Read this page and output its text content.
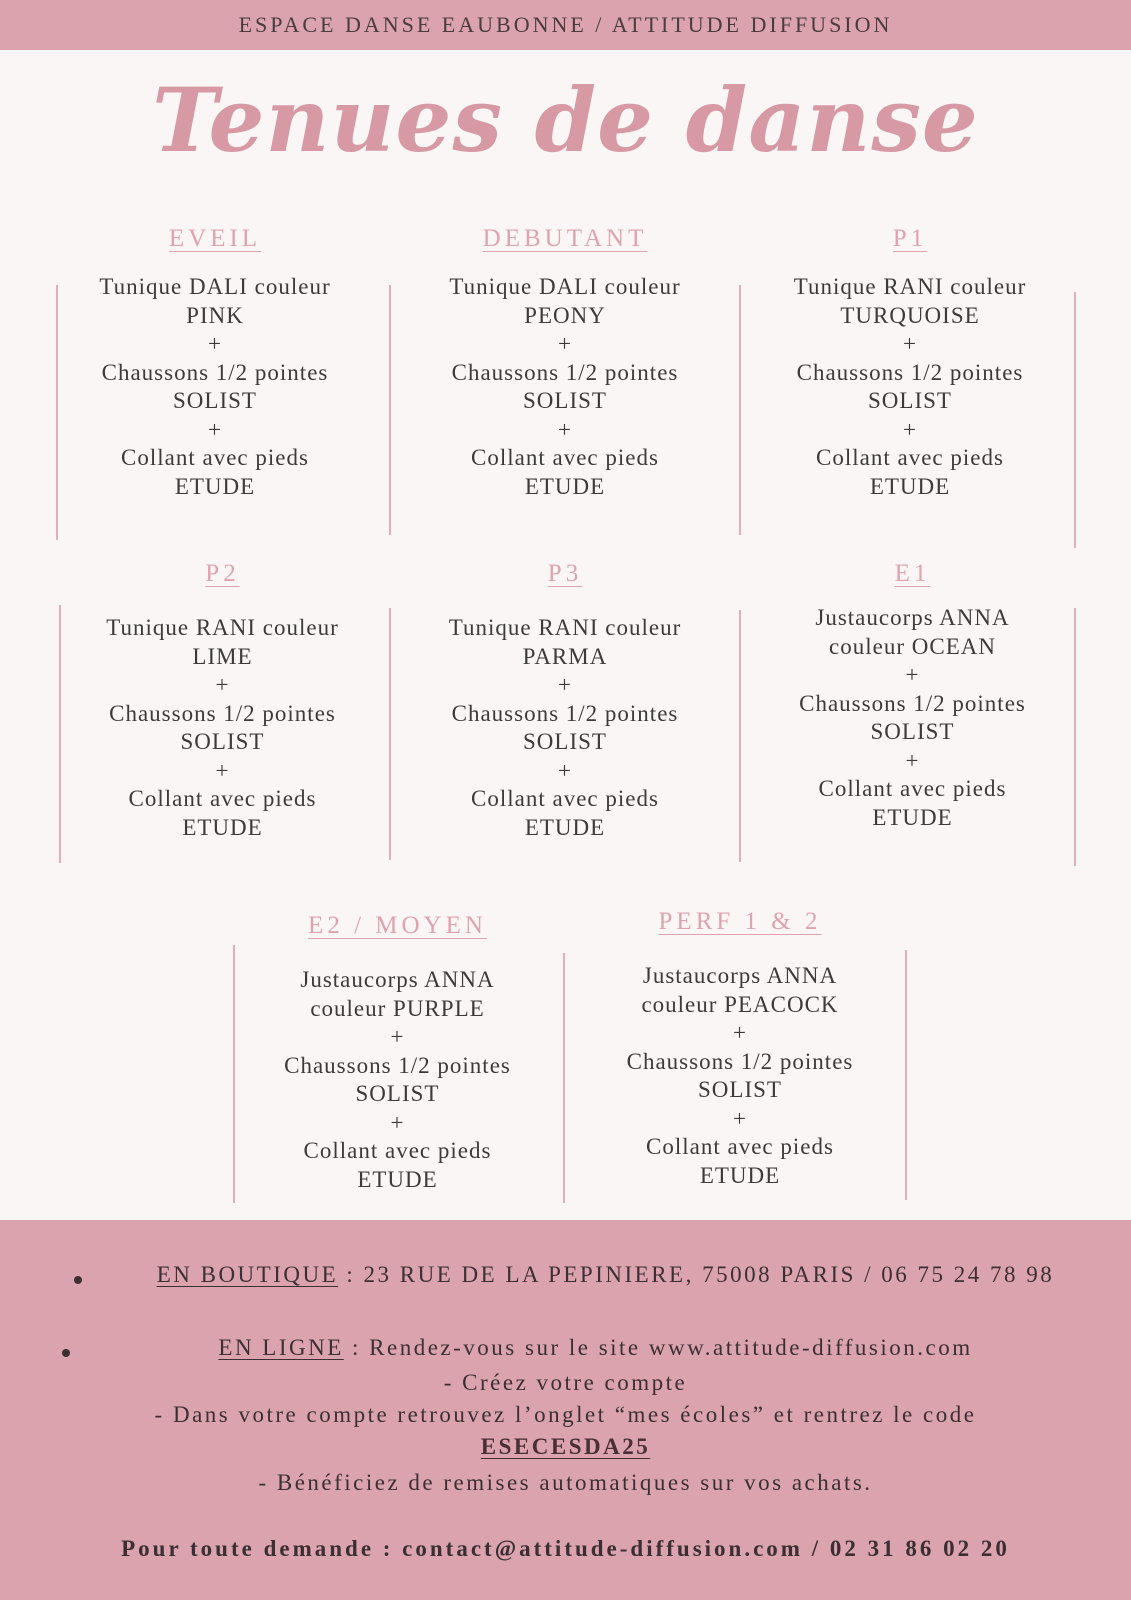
ESPACE DANSE EAUBONNE / ATTITUDE DIFFUSION
Tenues de danse
EVEIL
Tunique DALI couleur
PINK
+
Chaussons 1/2 pointes
SOLIST
+
Collant avec pieds
ETUDE
DEBUTANT
Tunique DALI couleur
PEONY
+
Chaussons 1/2 pointes
SOLIST
+
Collant avec pieds
ETUDE
P1
Tunique RANI couleur
TURQUOISE
+
Chaussons 1/2 pointes
SOLIST
+
Collant avec pieds
ETUDE
P2
Tunique RANI couleur
LIME
+
Chaussons 1/2 pointes
SOLIST
+
Collant avec pieds
ETUDE
P3
Tunique RANI couleur
PARMA
+
Chaussons 1/2 pointes
SOLIST
+
Collant avec pieds
ETUDE
E1
Justaucorps ANNA
couleur OCEAN
+
Chaussons 1/2 pointes
SOLIST
+
Collant avec pieds
ETUDE
E2 / MOYEN
Justaucorps ANNA
couleur PURPLE
+
Chaussons 1/2 pointes
SOLIST
+
Collant avec pieds
ETUDE
PERF 1 & 2
Justaucorps ANNA
couleur PEACOCK
+
Chaussons 1/2 pointes
SOLIST
+
Collant avec pieds
ETUDE
EN BOUTIQUE : 23 RUE DE LA PEPINIERE, 75008 PARIS / 06 75 24 78 98
EN LIGNE : Rendez-vous sur le site www.attitude-diffusion.com
- Créez votre compte
- Dans votre compte retrouvez l’onglet “mes écoles” et rentrez le code
ESECESDA25
- Bénéficiez de remises automatiques sur vos achats.
Pour toute demande : contact@attitude-diffusion.com / 02 31 86 02 20
